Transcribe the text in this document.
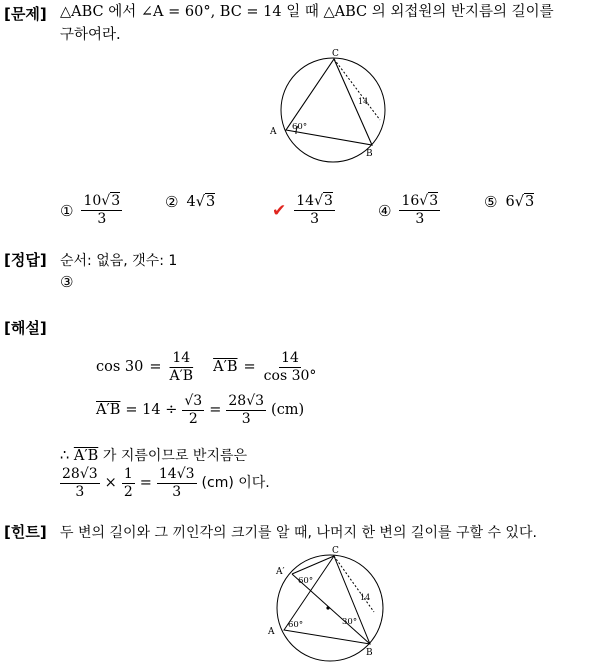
[문제] △ABC 에서 ∠A = 60°, BC = 14 일 때 △ABC 의 외접원의 반지름의 길이를
구하여라.
C
A
B
60°
14
① $\frac{10√3}{3}$	② 4√3	✔ $\frac{14√3}{3}$	④ $\frac{16√3}{3}$	⑤ 6√3
[정답] 순서: 없음, 갯수: 1
③
[해설]
$\cos 30 = \frac{14}{A'B} A'B = \frac{14}{\cos 30^\circ}$
$A'B = 14 \div \frac{√3}{2} = \frac{28√3}{3} (cm)$
∴ A′B 가 지름이므로 반지름은
$\frac{28√3}{3} \times \frac{1}{2} = \frac{14√3}{3} (cm)$ 이다.
[힌트] 두 변의 길이와 그 끼인각의 크기를 알 때, 나머지 한 변의 길이를 구할 수 있다.
C
A′
A
B
60°
60°	30°
14
